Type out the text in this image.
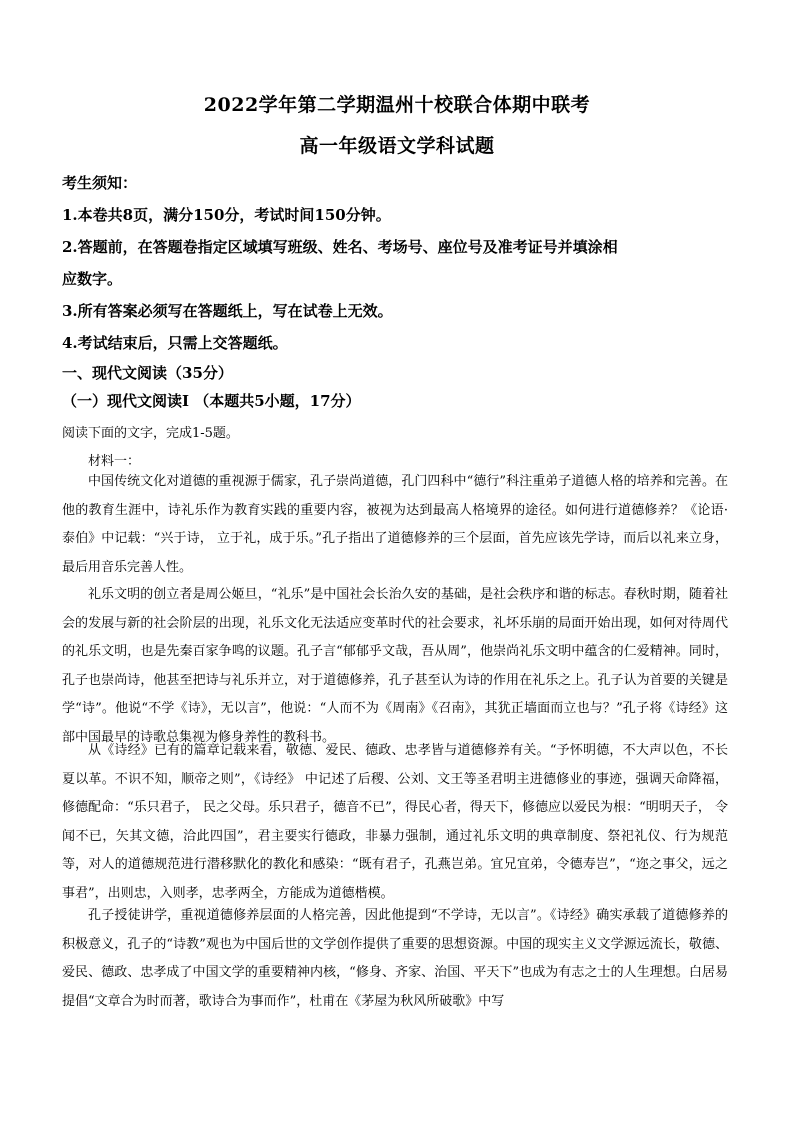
2022学年第二学期温州十校联合体期中联考
高一年级语文学科试题
考生须知：
1.本卷共8页，满分150分，考试时间150分钟。
2.答题前，在答题卷指定区域填写班级、姓名、考场号、座位号及准考证号并填涂相
应数字。
3.所有答案必须写在答题纸上，写在试卷上无效。
4.考试结束后，只需上交答题纸。
一、现代文阅读（35分）
（一）现代文阅读Ⅰ （本题共5小题，17分）
阅读下面的文字，完成1-5题。
材料一：

中国传统文化对道德的重视源于儒家，孔子崇尚道德，孔门四科中“德行”科注重弟子道德人格的培养和完善。在他的教育生涯中，诗礼乐作为教育实践的重要内容，被视为达到最高人格境界的途径。如何进行道德修养？《论语·泰伯》中记载：“兴于诗， 立于礼，成于乐。”孔子指出了道德修养的三个层面，首先应该先学诗，而后以礼来立身，最后用音乐完善人性。

礼乐文明的创立者是周公姬旦，“礼乐”是中国社会长治久安的基础，是社会秩序和谐的标志。春秋时期，随着社会的发展与新的社会阶层的出现，礼乐文化无法适应变革时代的社会要求，礼坏乐崩的局面开始出现，如何对待周代的礼乐文明，也是先秦百家争鸣的议题。孔子言“郁郁乎文哉，吾从周”，他崇尚礼乐文明中蕴含的仁爱精神。同时，孔子也崇尚诗，他甚至把诗与礼乐并立，对于道德修养，孔子甚至认为诗的作用在礼乐之上。孔子认为首要的关键是学“诗”。他说“不学《诗》，无以言”，他说：“人而不为《周南》《召南》，其犹正墙面而立也与？”孔子将《诗经》这部中国最早的诗歌总集视为修身养性的教科书。

从《诗经》已有的篇章记载来看，敬德、爱民、德政、忠孝皆与道德修养有关。“予怀明德，不大声以色，不长夏以革。不识不知，顺帝之则”，《诗经》 中记述了后稷、公刘、文王等圣君明主进德修业的事迹，强调天命降福，修德配命：“乐只君子， 民之父母。乐只君子，德音不已”，得民心者，得天下，修德应以爱民为根：“明明天子， 令闻不已，矢其文德，洽此四国”，君主要实行德政，非暴力强制，通过礼乐文明的典章制度、祭祀礼仪、行为规范等，对人的道德规范进行潜移默化的教化和感染：“既有君子，孔燕岂弟。宜兄宜弟，令德寿岂”，“迩之事父，远之事君”，出则忠，入则孝，忠孝两全，方能成为道德楷模。

孔子授徒讲学，重视道德修养层面的人格完善，因此他提到“不学诗，无以言”。《诗经》确实承载了道德修养的积极意义，孔子的“诗教”观也为中国后世的文学创作提供了重要的思想资源。中国的现实主义文学源远流长，敬德、爱民、德政、忠孝成了中国文学的重要精神内核，“修身、齐家、治国、平天下”也成为有志之士的人生理想。白居易提倡“文章合为时而著，歌诗合为事而作”，杜甫在《茅屋为秋风所破歌》中写
